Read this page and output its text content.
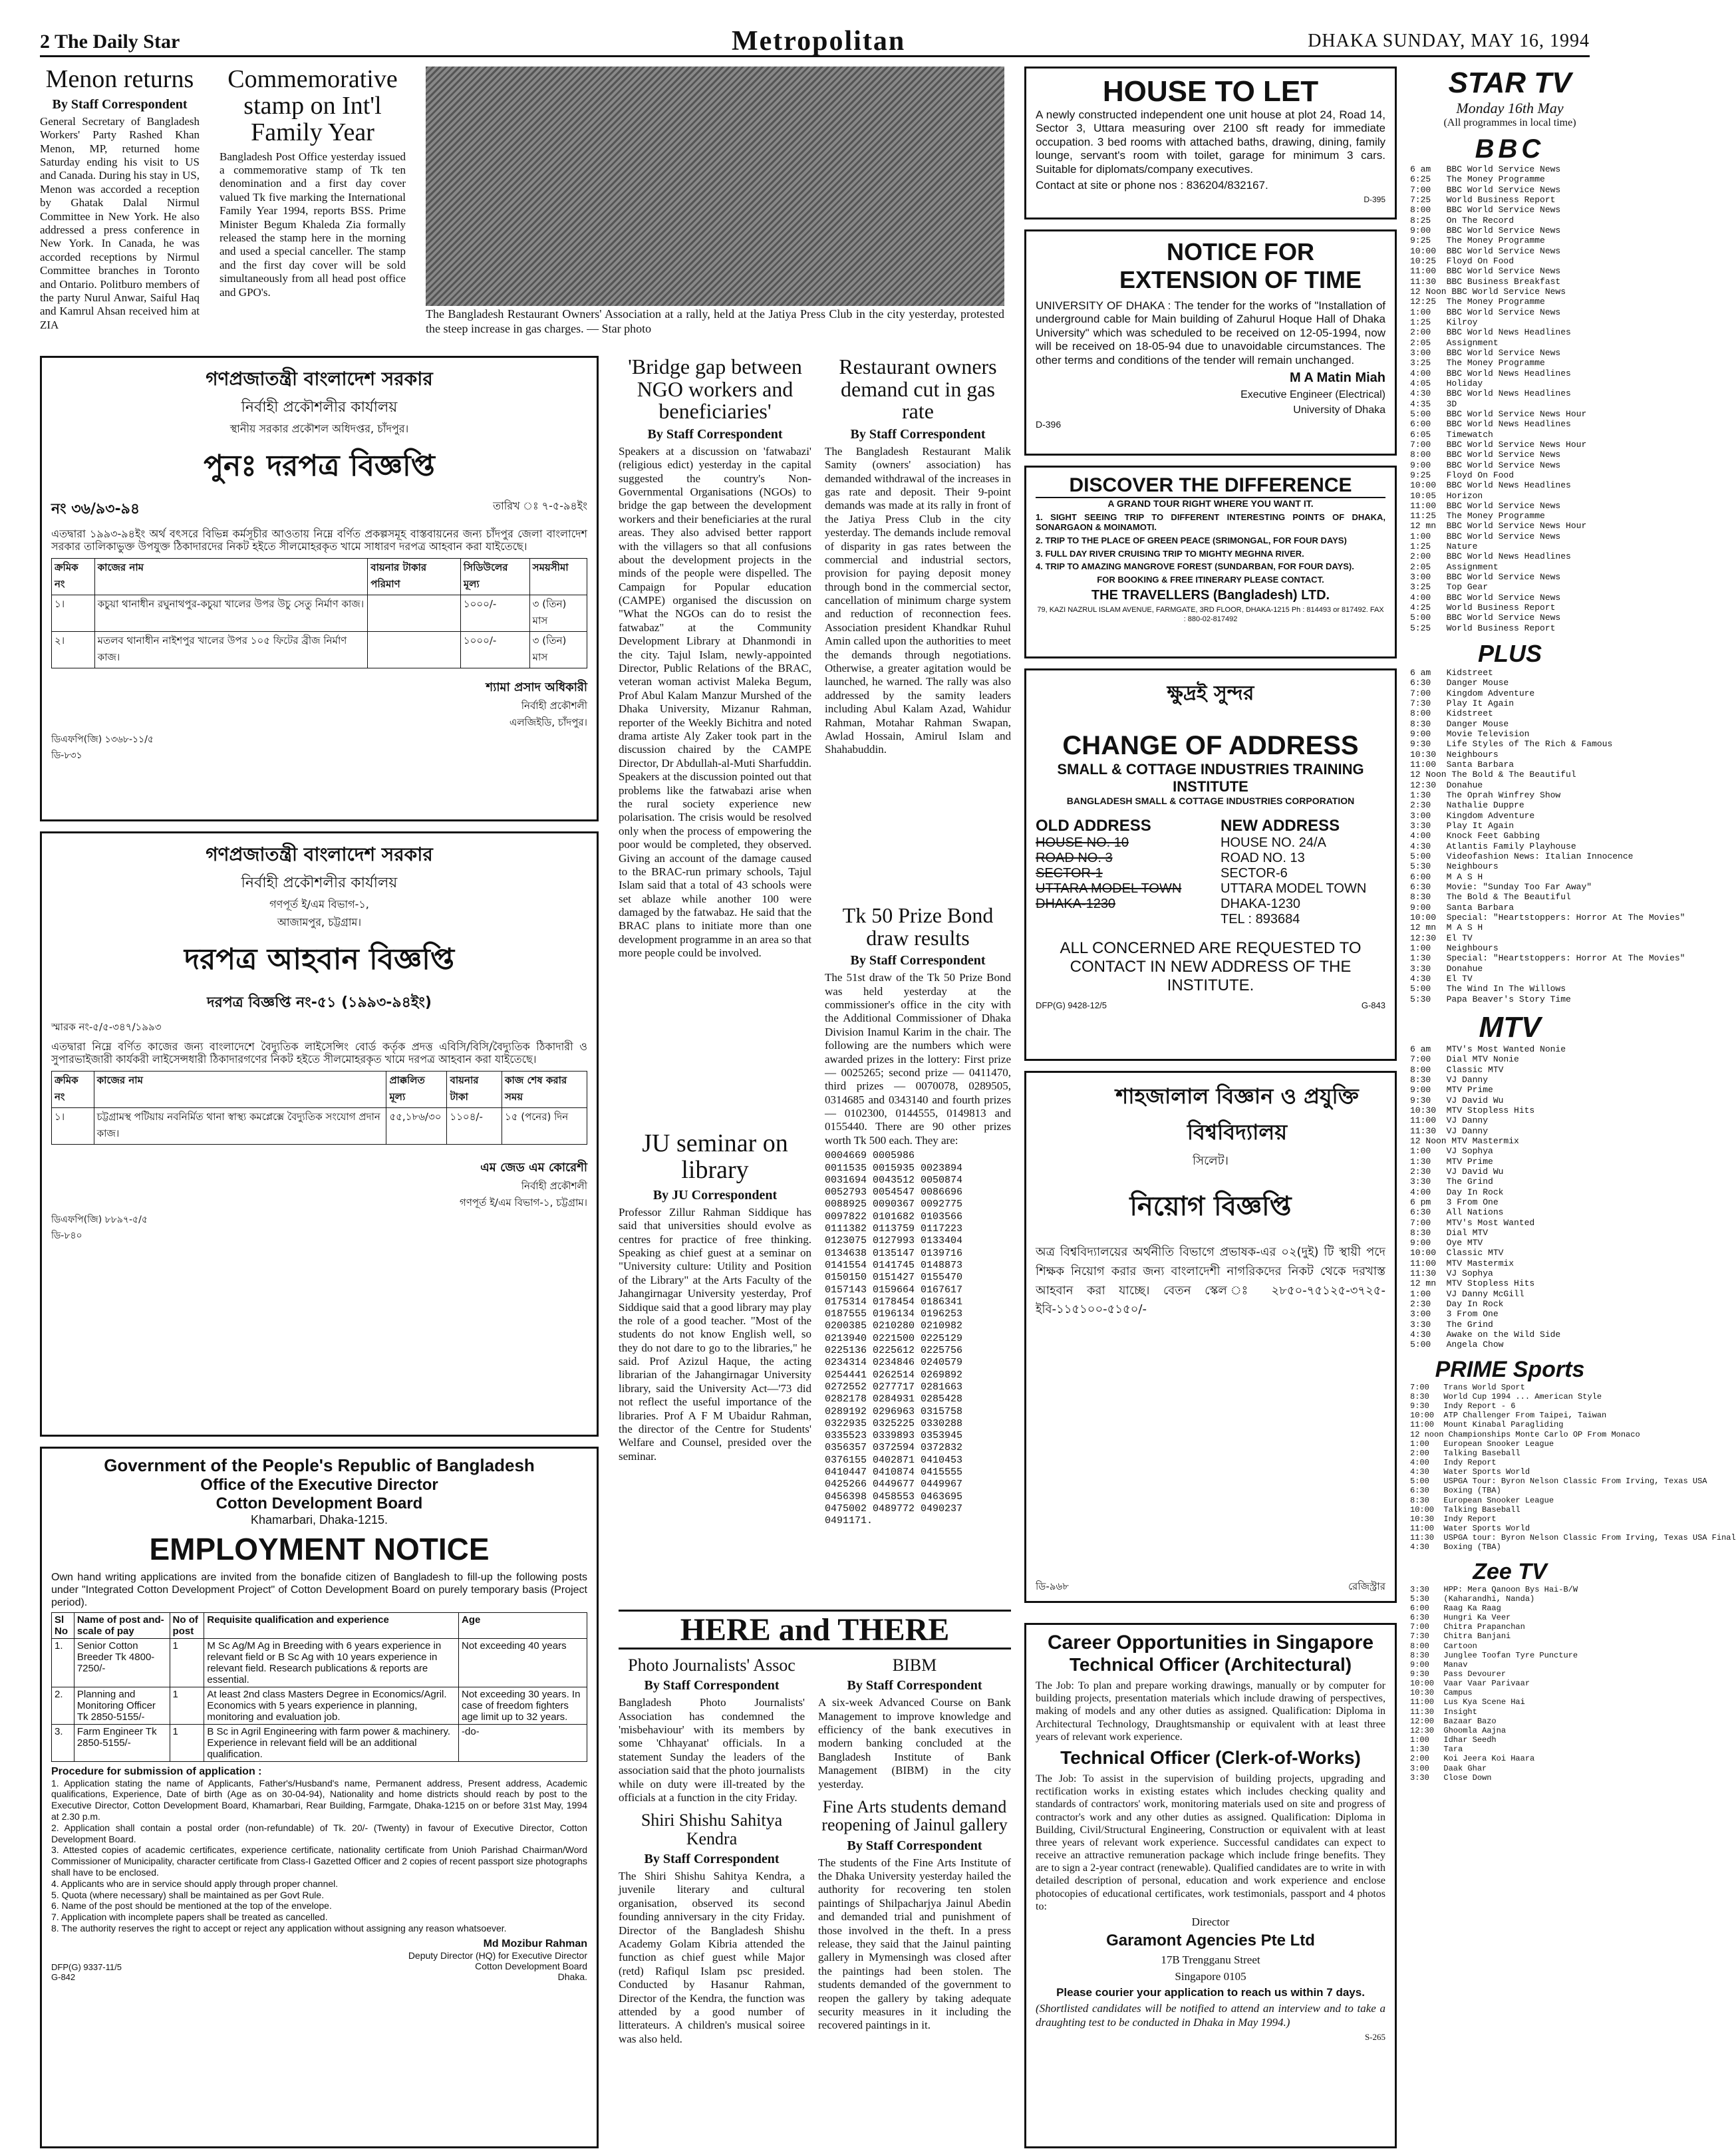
2 The Daily Star	Metropolitan	DHAKA SUNDAY, MAY 16, 1994
Menon returns
By Staff Correspondent

General Secretary of Bangladesh Workers' Party Rashed Khan Menon, MP, returned home Saturday ending his visit to US and Canada. During his stay in US, Menon was accorded a reception by Ghatak Dalal Nirmul Committee in New York. He also addressed a press conference in New York. In Canada, he was accorded receptions by Nirmul Committee branches in Toronto and Ontario. Politburo members of the party Nurul Anwar, Saiful Haq and Kamrul Ahsan received him at ZIA

Commemorative stamp on Int'l Family Year

Bangladesh Post Office yesterday issued a commemorative stamp of Tk ten denomination and a first day cover valued Tk five marking the International Family Year 1994, reports BSS. Prime Minister Begum Khaleda Zia formally released the stamp here in the morning and used a special canceller. The stamp and the first day cover will be sold simultaneously from all head post office and GPO's.

The Bangladesh Restaurant Owners' Association at a rally, held at the Jatiya Press Club in the city yesterday, protested the steep increase in gas charges. — Star photo

HOUSE TO LET

A newly constructed independent one unit house at plot 24, Road 14, Sector 3, Uttara measuring over 2100 sft ready for immediate occupation. 3 bed rooms with attached baths, drawing, dining, family lounge, servant's room with toilet, garage for minimum 3 cars. Suitable for diplomats/company executives.

Contact at site or phone nos : 836204/832167.

D-395

NOTICE FOR EXTENSION OF TIME

UNIVERSITY OF DHAKA : The tender for the works of "Installation of underground cable for Main building of Zahurul Hoque Hall of Dhaka University" which was scheduled to be received on 12-05-1994, now will be received on 18-05-94 due to unavoidable circumstances. The other terms and conditions of the tender will remain unchanged.

M A Matin Miah

Executive Engineer (Electrical)

University of Dhaka

D-396

DISCOVER THE DIFFERENCE

A GRAND TOUR RIGHT WHERE YOU WANT IT.

1. SIGHT SEEING TRIP TO DIFFERENT INTERESTING POINTS OF DHAKA, SONARGAON & MOINAMOTI.

2. TRIP TO THE PLACE OF GREEN PEACE (SRIMONGAL, FOR FOUR DAYS)

3. FULL DAY RIVER CRUISING TRIP TO MIGHTY MEGHNA RIVER.

4. TRIP TO AMAZING MANGROVE FOREST (SUNDARBAN, FOR FOUR DAYS).

FOR BOOKING & FREE ITINERARY PLEASE CONTACT.

THE TRAVELLERS (Bangladesh) LTD.

79, KAZI NAZRUL ISLAM AVENUE, FARMGATE, 3RD FLOOR, DHAKA-1215 Ph : 814493 or 817492. FAX : 880-02-817492

ক্ষুদ্রই সুন্দর
CHANGE OF ADDRESS
SMALL & COTTAGE INDUSTRIES TRAINING INSTITUTE
BANGLADESH SMALL & COTTAGE INDUSTRIES CORPORATION
OLD ADDRESS
HOUSE NO. 10
ROAD NO. 3
SECTOR-1
UTTARA MODEL TOWN
DHAKA-1230
NEW ADDRESS
HOUSE NO. 24/A
ROAD NO. 13
SECTOR-6
UTTARA MODEL TOWN
DHAKA-1230
TEL : 893684
ALL CONCERNED ARE REQUESTED TO CONTACT IN NEW ADDRESS OF THE INSTITUTE.
DFP(G) 9428-12/5	G-843
শাহজালাল বিজ্ঞান ও প্রযুক্তি বিশ্ববিদ্যালয়
সিলেট।
নিয়োগ বিজ্ঞপ্তি

অত্র বিশ্ববিদ্যালয়ের অর্থনীতি বিভাগে প্রভাষক-এর ০২(দুই) টি স্থায়ী পদে শিক্ষক নিয়োগ করার জন্য বাংলাদেশী নাগরিকদের নিকট থেকে দরখাস্ত আহবান করা যাচ্ছে। বেতন স্কেল ঃ ২৮৫০-৭৫১২৫-৩৭২৫-ইবি-১১৫১০০-৫১৫০/-

ডি-৯৬৮	রেজিস্ট্রার
Career Opportunities in Singapore
Technical Officer (Architectural)

The Job: To plan and prepare working drawings, manually or by computer for building projects, presentation materials which include drawing of perspectives, making of models and any other duties as assigned. Qualification: Diploma in Architectural Technology, Draughtsmanship or equivalent with at least three years of relevant work experience.

Technical Officer (Clerk-of-Works)

The Job: To assist in the supervision of building projects, upgrading and rectification works in existing estates which includes checking quality and standards of contractors' work, monitoring materials used on site and progress of contractor's work and any other duties as assigned. Qualification: Diploma in Building, Civil/Structural Engineering, Construction or equivalent with at least three years of relevant work experience. Successful candidates can expect to receive an attractive remuneration package which include fringe benefits. They are to sign a 2-year contract (renewable). Qualified candidates are to write in with detailed description of personal, education and work experience and enclose photocopies of educational certificates, work testimonials, passport and 4 photos to:

Director

Garamont Agencies Pte Ltd

17B Trengganu Street

Singapore 0105

Please courier your application to reach us within 7 days.

(Shortlisted candidates will be notified to attend an interview and to take a draughting test to be conducted in Dhaka in May 1994.)

S-265

STAR TV
Monday 16th May
(All programmes in local time)
BBC
6 am   BBC World Service News
6:25   The Money Programme
7:00   BBC World Service News
7:25   World Business Report
8:00   BBC World Service News
8:25   On The Record
9:00   BBC World Service News
9:25   The Money Programme
10:00  BBC World Service News
10:25  Floyd On Food
11:00  BBC World Service News
11:30  BBC Business Breakfast
12 Noon BBC World Service News
12:25  The Money Programme
1:00   BBC World Service News
1:25   Kilroy
2:00   BBC World News Headlines
2:05   Assignment
3:00   BBC World Service News
3:25   The Money Programme
4:00   BBC World News Headlines
4:05   Holiday
4:30   BBC World News Headlines
4:35   3D
5:00   BBC World Service News Hour
6:00   BBC World News Headlines
6:05   Timewatch
7:00   BBC World Service News Hour
8:00   BBC World Service News
9:00   BBC World Service News
9:25   Floyd On Food
10:00  BBC World News Headlines
10:05  Horizon
11:00  BBC World Service News
11:25  The Money Programme
12 mn  BBC World Service News Hour
1:00   BBC World Service News
1:25   Nature
2:00   BBC World News Headlines
2:05   Assignment
3:00   BBC World Service News
3:25   Top Gear
4:00   BBC World Service News
4:25   World Business Report
5:00   BBC World Service News
5:25   World Business Report
PLUS
6 am   Kidstreet
6:30   Danger Mouse
7:00   Kingdom Adventure
7:30   Play It Again
8:00   Kidstreet
8:30   Danger Mouse
9:00   Movie Television
9:30   Life Styles of The Rich & Famous
10:30  Neighbours
11:00  Santa Barbara
12 Noon The Bold & The Beautiful
12:30  Donahue
1:30   The Oprah Winfrey Show
2:30   Nathalie Duppre
3:00   Kingdom Adventure
3:30   Play It Again
4:00   Knock Feet Gabbing
4:30   Atlantis Family Playhouse
5:00   Videofashion News: Italian Innocence
5:30   Neighbours
6:00   M A S H
6:30   Movie: "Sunday Too Far Away"
8:30   The Bold & The Beautiful
9:00   Santa Barbara
10:00  Special: "Heartstoppers: Horror At The Movies"
12 mn  M A S H
12:30  El TV
1:00   Neighbours
1:30   Special: "Heartstoppers: Horror At The Movies"
3:30   Donahue
4:30   El TV
5:00   The Wind In The Willows
5:30   Papa Beaver's Story Time
MTV
6 am   MTV's Most Wanted Nonie
7:00   Dial MTV Nonie
8:00   Classic MTV
8:30   VJ Danny
9:00   MTV Prime
9:30   VJ David Wu
10:30  MTV Stopless Hits
11:00  VJ Danny
11:30  VJ Danny
12 Noon MTV Mastermix
1:00   VJ Sophya
1:30   MTV Prime
2:30   VJ David Wu
3:30   The Grind
4:00   Day In Rock
6 pm   3 From One
6:30   All Nations
7:00   MTV's Most Wanted
8:30   Dial MTV
9:00   Oye MTV
10:00  Classic MTV
11:00  MTV Mastermix
11:30  VJ Sophya
12 mn  MTV Stopless Hits
1:00   VJ Danny McGill
2:30   Day In Rock
3:00   3 From One
3:30   The Grind
4:30   Awake on the Wild Side
5:00   Angela Chow
PRIME Sports
7:00   Trans World Sport
8:30   World Cup 1994 ... American Style
9:30   Indy Report - 6
10:00  ATP Challenger From Taipei, Taiwan
11:00  Mount Kinabal Paragliding
12 noon Championships Monte Carlo OP From Monaco
1:00   European Snooker League
2:00   Talking Baseball
4:00   Indy Report
4:30   Water Sports World
5:00   USPGA Tour: Byron Nelson Classic From Irving, Texas USA
6:30   Boxing (TBA)
8:30   European Snooker League
10:00  Talking Baseball
10:30  Indy Report
11:00  Water Sports World
11:30  USPGA tour: Byron Nelson Classic From Irving, Texas USA Final
4:30   Boxing (TBA)
Zee TV
3:30   HPP: Mera Qanoon Bys Hai-B/W
5:30   (Kaharandhi, Nanda)
6:00   Raag Ka Raag
6:30   Hungri Ka Veer
7:00   Chitra Prapanchan
7:30   Chitra Banjani
8:00   Cartoon
8:30   Junglee Toofan Tyre Puncture
9:00   Manav
9:30   Pass Devourer
10:00  Vaar Vaar Parivaar
10:30  Campus
11:00  Lus Kya Scene Hai
11:30  Insight
12:00  Bazaar Bazo
12:30  Ghoomla Aajna
1:00   Idhar Seedh
1:30   Tara
2:00   Koi Jeera Koi Haara
3:00   Daak Ghar
3:30   Close Down
গণপ্রজাতন্ত্রী বাংলাদেশ সরকার
নির্বাহী প্রকৌশলীর কার্যালয়
স্থানীয় সরকার প্রকৌশল অধিদপ্তর, চাঁদপুর।
পুনঃ দরপত্র বিজ্ঞপ্তি
নং ৩৬/৯৩-৯৪	তারিখ ঃ ৭-৫-৯৪ইং

এতদ্বারা ১৯৯৩-৯৪ইং অর্থ বৎসরে বিভিন্ন কর্মসূচীর আওতায় নিম্নে বর্ণিত প্রকল্পসমূহ বাস্তবায়নের জন্য চাঁদপুর জেলা বাংলাদেশ সরকার তালিকাভুক্ত উপযুক্ত ঠিকাদারদের নিকট হইতে সীলমোহরকৃত খামে সাধারণ দরপত্র আহবান করা যাইতেছে।

ক্রমিক নং	কাজের নাম	বায়নার টাকার পরিমাণ	সিডিউলের মূল্য	সময়সীমা
১।	কচুয়া থানাধীন রঘুনাথপুর-কচুয়া খালের উপর উচু সেতু নির্মাণ কাজ।		১০০০/-	৩ (তিন) মাস
২।	মতলব থানাধীন নাইশপুর খালের উপর ১০৫ ফিটের ব্রীজ নির্মাণ কাজ।		১০০০/-	৩ (তিন) মাস
শ্যামা প্রসাদ অধিকারী
নির্বাহী প্রকৌশলী
এলজিইডি, চাঁদপুর।
ডিএফপি(জি) ১৩৬৮-১১/৫
ডি-৮৩১
গণপ্রজাতন্ত্রী বাংলাদেশ সরকার
নির্বাহী প্রকৌশলীর কার্যালয়
গণপূর্ত ই/এম বিভাগ-১,
আজামপুর, চট্টগ্রাম।
দরপত্র আহবান বিজ্ঞপ্তি
দরপত্র বিজ্ঞপ্তি নং-৫১ (১৯৯৩-৯৪ইং)
স্মারক নং-৫/৫-৩৪৭/১৯৯৩

এতদ্বারা নিম্নে বর্ণিত কাজের জন্য বাংলাদেশে বৈদ্যুতিক লাইসেন্সিং বোর্ড কর্তৃক প্রদত্ত এবিসি/বিসি/বৈদ্যুতিক ঠিকাদারী ও সুপারভাইজারী কার্যকরী লাইসেন্সধারী ঠিকাদারগণের নিকট হইতে সীলমোহরকৃত খামে দরপত্র আহবান করা যাইতেছে।

ক্রমিক নং	কাজের নাম	প্রাক্কলিত মূল্য	বায়নার টাকা	কাজ শেষ করার সময়
১।	চট্টগ্রামস্থ পটিয়ায় নবনির্মিত থানা স্বাস্থ্য কমপ্লেক্সে বৈদ্যুতিক সংযোগ প্রদান কাজ।	৫৫,১৮৬/৩০	১১০৪/-	১৫ (পনের) দিন
এম জেড এম কোরেশী
নির্বাহী প্রকৌশলী
গণপূর্ত ই/এম বিভাগ-১, চট্টগ্রাম।
ডিএফপি(জি) ৮৮৯৭-৫/৫
ডি-৮৪০
Government of the People's Republic of Bangladesh
Office of the Executive Director
Cotton Development Board
Khamarbari, Dhaka-1215.
EMPLOYMENT NOTICE

Own hand writing applications are invited from the bonafide citizen of Bangladesh to fill-up the following posts under "Integrated Cotton Development Project" of Cotton Development Board on purely temporary basis (Project period).

Sl No	Name of post and-scale of pay	No of post	Requisite qualification and experience	Age
1.	Senior Cotton Breeder Tk 4800-7250/-	1	M Sc Ag/M Ag in Breeding with 6 years experience in relevant field or B Sc Ag with 10 years experience in relevant field. Research publications & reports are essential.	Not exceeding 40 years
2.	Planning and Monitoring Officer Tk 2850-5155/-	1	At least 2nd class Masters Degree in Economics/Agril. Economics with 5 years experience in planning, monitoring and evaluation job.	Not exceeding 30 years. In case of freedom fighters age limit up to 32 years.
3.	Farm Engineer Tk 2850-5155/-	1	B Sc in Agril Engineering with farm power & machinery. Experience in relevant field will be an additional qualification.	-do-
Procedure for submission of application :

1. Application stating the name of Applicants, Father's/Husband's name, Permanent address, Present address, Academic qualifications, Experience, Date of birth (Age as on 30-04-94), Nationality and home districts should reach by post to the Executive Director, Cotton Development Board, Khamarbari, Rear Building, Farmgate, Dhaka-1215 on or before 31st May, 1994 at 2.30 p.m.

2. Application shall contain a postal order (non-refundable) of Tk. 20/- (Twenty) in favour of Executive Director, Cotton Development Board.

3. Attested copies of academic certificates, experience certificate, nationality certificate from Unioh Parishad Chairman/Word Commissioner of Municipality, character certificate from Class-I Gazetted Officer and 2 copies of recent passport size photographs shall have to be enclosed.

4. Applicants who are in service should apply through proper channel.

5. Quota (where necessary) shall be maintained as per Govt Rule.

6. Name of the post should be mentioned at the top of the envelope.

7. Application with incomplete papers shall be treated as cancelled.

8. The authority reserves the right to accept or reject any application without assigning any reason whatsoever.

DFP(G) 9337-11/5
G-842
Md Mozibur Rahman
Deputy Director (HQ) for Executive Director
Cotton Development Board
Dhaka.
'Bridge gap between NGO workers and beneficiaries'
By Staff Correspondent

Speakers at a discussion on 'fatwabazi' (religious edict) yesterday in the capital suggested the country's Non-Governmental Organisations (NGOs) to bridge the gap between the development workers and their beneficiaries at the rural areas. They also advised better rapport with the villagers so that all confusions about the development projects in the minds of the people were dispelled. The Campaign for Popular education (CAMPE) organised the discussion on "What the NGOs can do to resist the fatwabaz" at the Community Development Library at Dhanmondi in the city. Tajul Islam, newly-appointed Director, Public Relations of the BRAC, veteran woman activist Maleka Begum, Prof Abul Kalam Manzur Murshed of the Dhaka University, Mizanur Rahman, reporter of the Weekly Bichitra and noted drama artiste Aly Zaker took part in the discussion chaired by the CAMPE Director, Dr Abdullah-al-Muti Sharfuddin. Speakers at the discussion pointed out that problems like the fatwabazi arise when the rural society experience new polarisation. The crisis would be resolved only when the process of empowering the poor would be completed, they observed. Giving an account of the damage caused to the BRAC-run primary schools, Tajul Islam said that a total of 43 schools were set ablaze while another 100 were damaged by the fatwabaz. He said that the BRAC plans to initiate more than one development programme in an area so that more people could be involved.

JU seminar on library
By JU Correspondent

Professor Zillur Rahman Siddique has said that universities should evolve as centres for practice of free thinking. Speaking as chief guest at a seminar on "University culture: Utility and Position of the Library" at the Arts Faculty of the Jahangirnagar University yesterday, Prof Siddique said that a good library may play the role of a good teacher. "Most of the students do not know English well, so they do not dare to go to the libraries," he said. Prof Azizul Haque, the acting librarian of the Jahangirnagar University library, said the University Act—'73 did not reflect the useful importance of the libraries. Prof A F M Ubaidur Rahman, the director of the Centre for Students' Welfare and Counsel, presided over the seminar.

Restaurant owners demand cut in gas rate
By Staff Correspondent

The Bangladesh Restaurant Malik Samity (owners' association) has demanded withdrawal of the increases in gas rate and deposit. Their 9-point demands was made at its rally in front of the Jatiya Press Club in the city yesterday. The demands include removal of disparity in gas rates between the commercial and industrial sectors, provision for paying deposit money through bond in the commercial sector, cancellation of minimum charge system and reduction of reconnection fees. Association president Khandkar Ruhul Amin called upon the authorities to meet the demands through negotiations. Otherwise, a greater agitation would be launched, he warned. The rally was also addressed by the samity leaders including Abul Kalam Azad, Wahidur Rahman, Motahar Rahman Swapan, Awlad Hossain, Amirul Islam and Shahabuddin.

Tk 50 Prize Bond draw results
By Staff Correspondent

The 51st draw of the Tk 50 Prize Bond was held yesterday at the commissioner's office in the city with the Additional Commissioner of Dhaka Division Inamul Karim in the chair. The following are the numbers which were awarded prizes in the lottery: First prize — 0025265; second prize — 0411470, third prizes — 0070078, 0289505, 0314685 and 0343140 and fourth prizes — 0102300, 0144555, 0149813 and 0155440. There are 90 other prizes worth Tk 500 each. They are:

0004669 0005986
0011535 0015935 0023894
0031694 0043512 0050874
0052793 0054547 0086696
0088925 0090367 0092775
0097822 0101682 0103566
0111382 0113759 0117223
0123075 0127993 0133404
0134638 0135147 0139716
0141554 0141745 0148873
0150150 0151427 0155470
0157143 0159664 0167617
0175314 0178454 0186341
0187555 0196134 0196253
0200385 0210280 0210982
0213940 0221500 0225129
0225136 0225612 0225756
0234314 0234846 0240579
0254441 0262514 0269892
0272552 0277717 0281663
0282178 0284931 0285428
0289192 0296963 0315758
0322935 0325225 0330288
0335523 0339893 0353945
0356357 0372594 0372832
0376155 0402871 0410453
0410447 0410874 0415555
0425266 0449677 0449967
0456398 0458553 0463695
0475002 0489772 0490237
0491171.
HERE and THERE
Photo Journalists' Assoc
By Staff Correspondent

Bangladesh Photo Journalists' Association has condemned the 'misbehaviour' with its members by some 'Chhayanat' officials. In a statement Sunday the leaders of the association said that the photo journalists while on duty were ill-treated by the officials at a function in the city Friday.

Shiri Shishu Sahitya Kendra
By Staff Correspondent

The Shiri Shishu Sahitya Kendra, a juvenile literary and cultural organisation, observed its second founding anniversary in the city Friday. Director of the Bangladesh Shishu Academy Golam Kibria attended the function as chief guest while Major (retd) Rafiqul Islam psc presided. Conducted by Hasanur Rahman, Director of the Kendra, the function was attended by a good number of litterateurs. A children's musical soiree was also held.

BIBM
By Staff Correspondent

A six-week Advanced Course on Bank Management to improve knowledge and efficiency of the bank executives in modern banking concluded at the Bangladesh Institute of Bank Management (BIBM) in the city yesterday.

Fine Arts students demand reopening of Jainul gallery
By Staff Correspondent

The students of the Fine Arts Institute of the Dhaka University yesterday hailed the authority for recovering ten stolen paintings of Shilpacharjya Jainul Abedin and demanded trial and punishment of those involved in the theft. In a press release, they said that the Jainul painting gallery in Mymensingh was closed after the paintings had been stolen. The students demanded of the government to reopen the gallery by taking adequate security measures in it including the recovered paintings in it.
